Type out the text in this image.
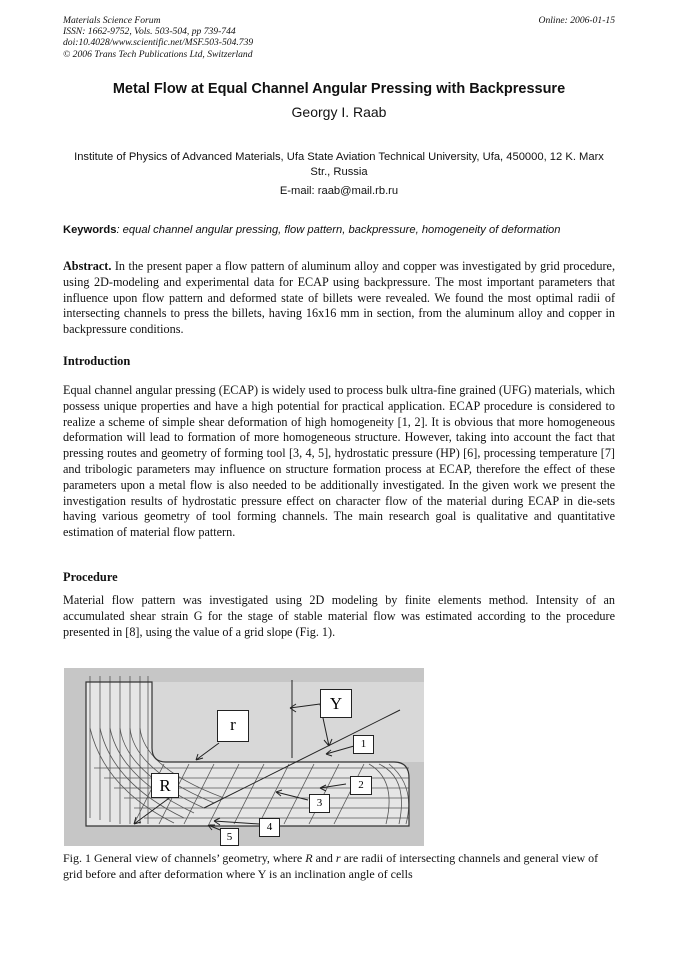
Materials Science Forum
ISSN: 1662-9752, Vols. 503-504, pp 739-744
doi:10.4028/www.scientific.net/MSF.503-504.739
© 2006 Trans Tech Publications Ltd, Switzerland
Online: 2006-01-15
Metal Flow at Equal Channel Angular Pressing with Backpressure
Georgy I. Raab
Institute of Physics of Advanced Materials, Ufa State Aviation Technical University, Ufa, 450000, 12 K. Marx Str., Russia
E-mail: raab@mail.rb.ru
Keywords: equal channel angular pressing, flow pattern, backpressure, homogeneity of deformation
Abstract. In the present paper a flow pattern of aluminum alloy and copper was investigated by grid procedure, using 2D-modeling and experimental data for ECAP using backpressure. The most important parameters that influence upon flow pattern and deformed state of billets were revealed. We found the most optimal radii of intersecting channels to press the billets, having 16x16 mm in section, from the aluminum alloy and copper in backpressure conditions.
Introduction
Equal channel angular pressing (ECAP) is widely used to process bulk ultra-fine grained (UFG) materials, which possess unique properties and have a high potential for practical application. ECAP procedure is considered to realize a scheme of simple shear deformation of high homogeneity [1, 2]. It is obvious that more homogeneous deformation will lead to formation of more homogeneous structure. However, taking into account the fact that pressing routes and geometry of forming tool [3, 4, 5], hydrostatic pressure (HP) [6], processing temperature [7] and tribologic parameters may influence on structure formation process at ECAP, therefore the effect of these parameters upon a metal flow is also needed to be additionally investigated. In the given work we present the investigation results of hydrostatic pressure effect on character flow of the material during ECAP in die-sets having various geometry of tool forming channels. The main research goal is qualitative and quantitative estimation of material flow pattern.
Procedure
Material flow pattern was investigated using 2D modeling by finite elements method. Intensity of an accumulated shear strain G for the stage of stable material flow was estimated according to the procedure presented in [8], using the value of a grid slope (Fig. 1).
Y
r
R
1
2
3
4
5
Fig. 1 General view of channels’ geometry, where R and r are radii of intersecting channels and general view of grid before and after deformation where Y is an inclination angle of cells
